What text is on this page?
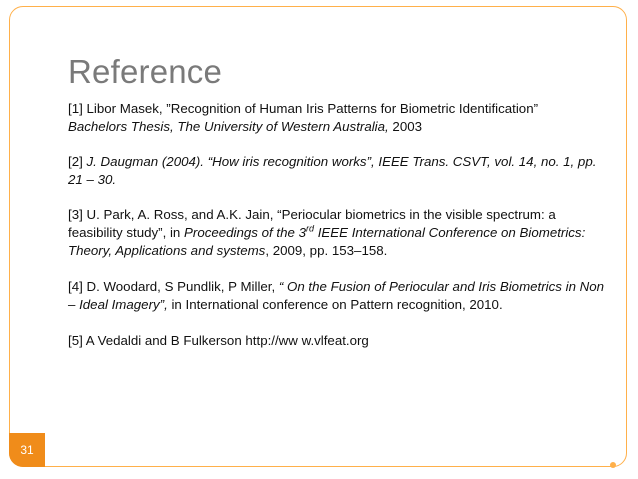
Reference
[1] Libor Masek, ”Recognition of Human Iris Patterns for Biometric Identification”
Bachelors Thesis, The University of Western Australia, 2003
[2] J. Daugman (2004). “How iris recognition works”, IEEE Trans. CSVT, vol. 14, no. 1, pp. 21 – 30.
[3] U. Park, A. Ross, and A.K. Jain, “Periocular biometrics in the visible spectrum: a feasibility study”, in Proceedings of the 3rd IEEE International Conference on Biometrics: Theory, Applications and systems, 2009, pp. 153–158.
[4] D. Woodard, S Pundlik, P Miller, “ On the Fusion of Periocular and Iris Biometrics in Non – Ideal Imagery”, in International conference on Pattern recognition, 2010.
[5] A Vedaldi and B Fulkerson http://ww w.vlfeat.org
31
